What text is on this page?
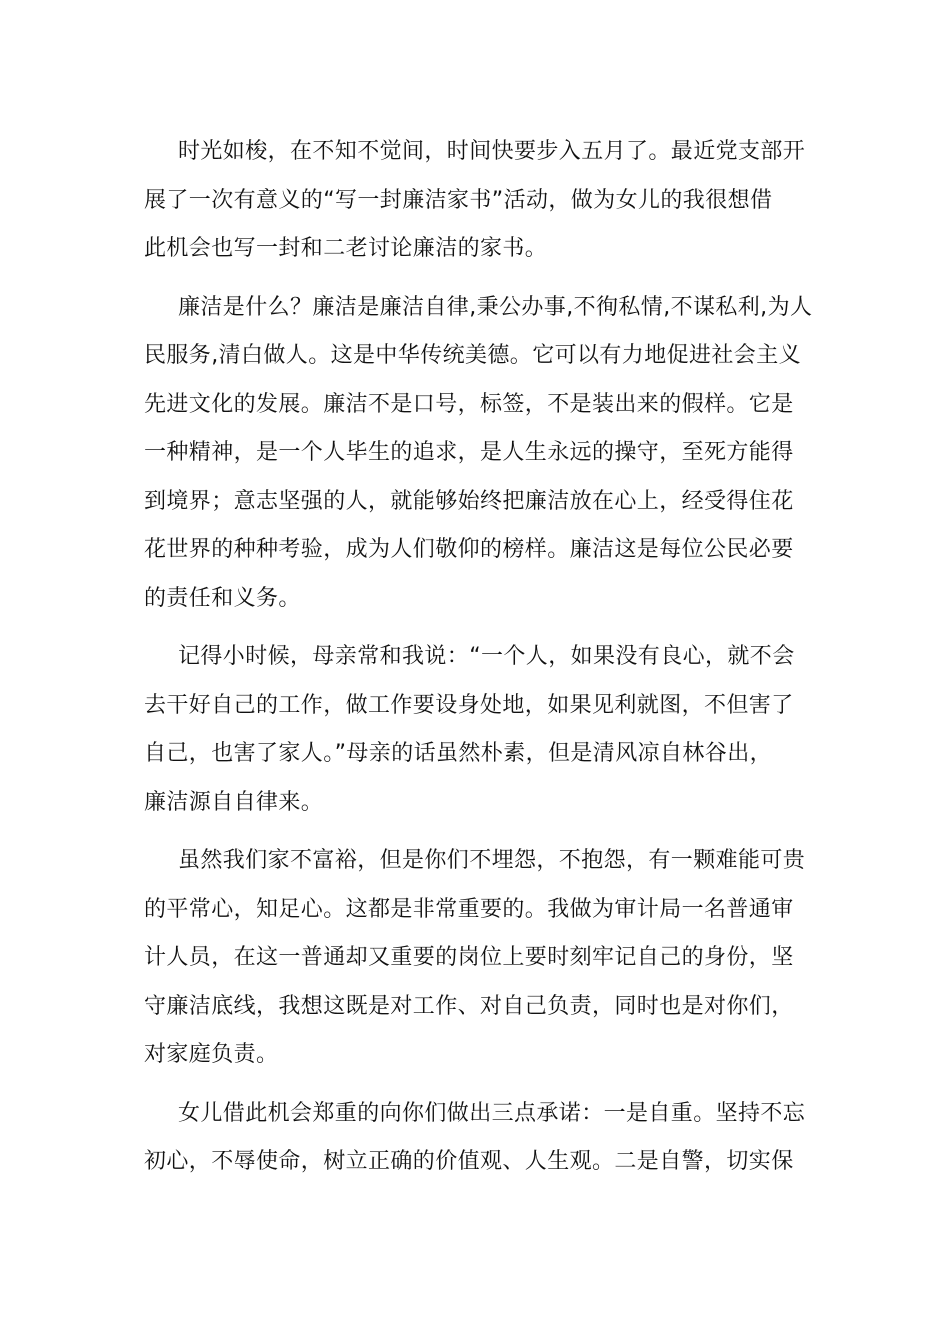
时光如梭，在不知不觉间，时间快要步入五月了。最近党支部开
展了一次有意义的“写一封廉洁家书”活动，做为女儿的我很想借
此机会也写一封和二老讨论廉洁的家书。
廉洁是什么？廉洁是廉洁自律,秉公办事,不徇私情,不谋私利,为人
民服务,清白做人。这是中华传统美德。它可以有力地促进社会主义
先进文化的发展。廉洁不是口号，标签，不是装出来的假样。它是
一种精神，是一个人毕生的追求，是人生永远的操守，至死方能得
到境界；意志坚强的人，就能够始终把廉洁放在心上，经受得住花
花世界的种种考验，成为人们敬仰的榜样。廉洁这是每位公民必要
的责任和义务。
记得小时候，母亲常和我说：“一个人，如果没有良心，就不会
去干好自己的工作，做工作要设身处地，如果见利就图，不但害了
自己，也害了家人。”母亲的话虽然朴素，但是清风凉自林谷出，
廉洁源自自律来。
虽然我们家不富裕，但是你们不埋怨，不抱怨，有一颗难能可贵
的平常心，知足心。这都是非常重要的。我做为审计局一名普通审
计人员，在这一普通却又重要的岗位上要时刻牢记自己的身份，坚
守廉洁底线，我想这既是对工作、对自己负责，同时也是对你们，
对家庭负责。
女儿借此机会郑重的向你们做出三点承诺：一是自重。坚持不忘
初心，不辱使命，树立正确的价值观、人生观。二是自警，切实保
